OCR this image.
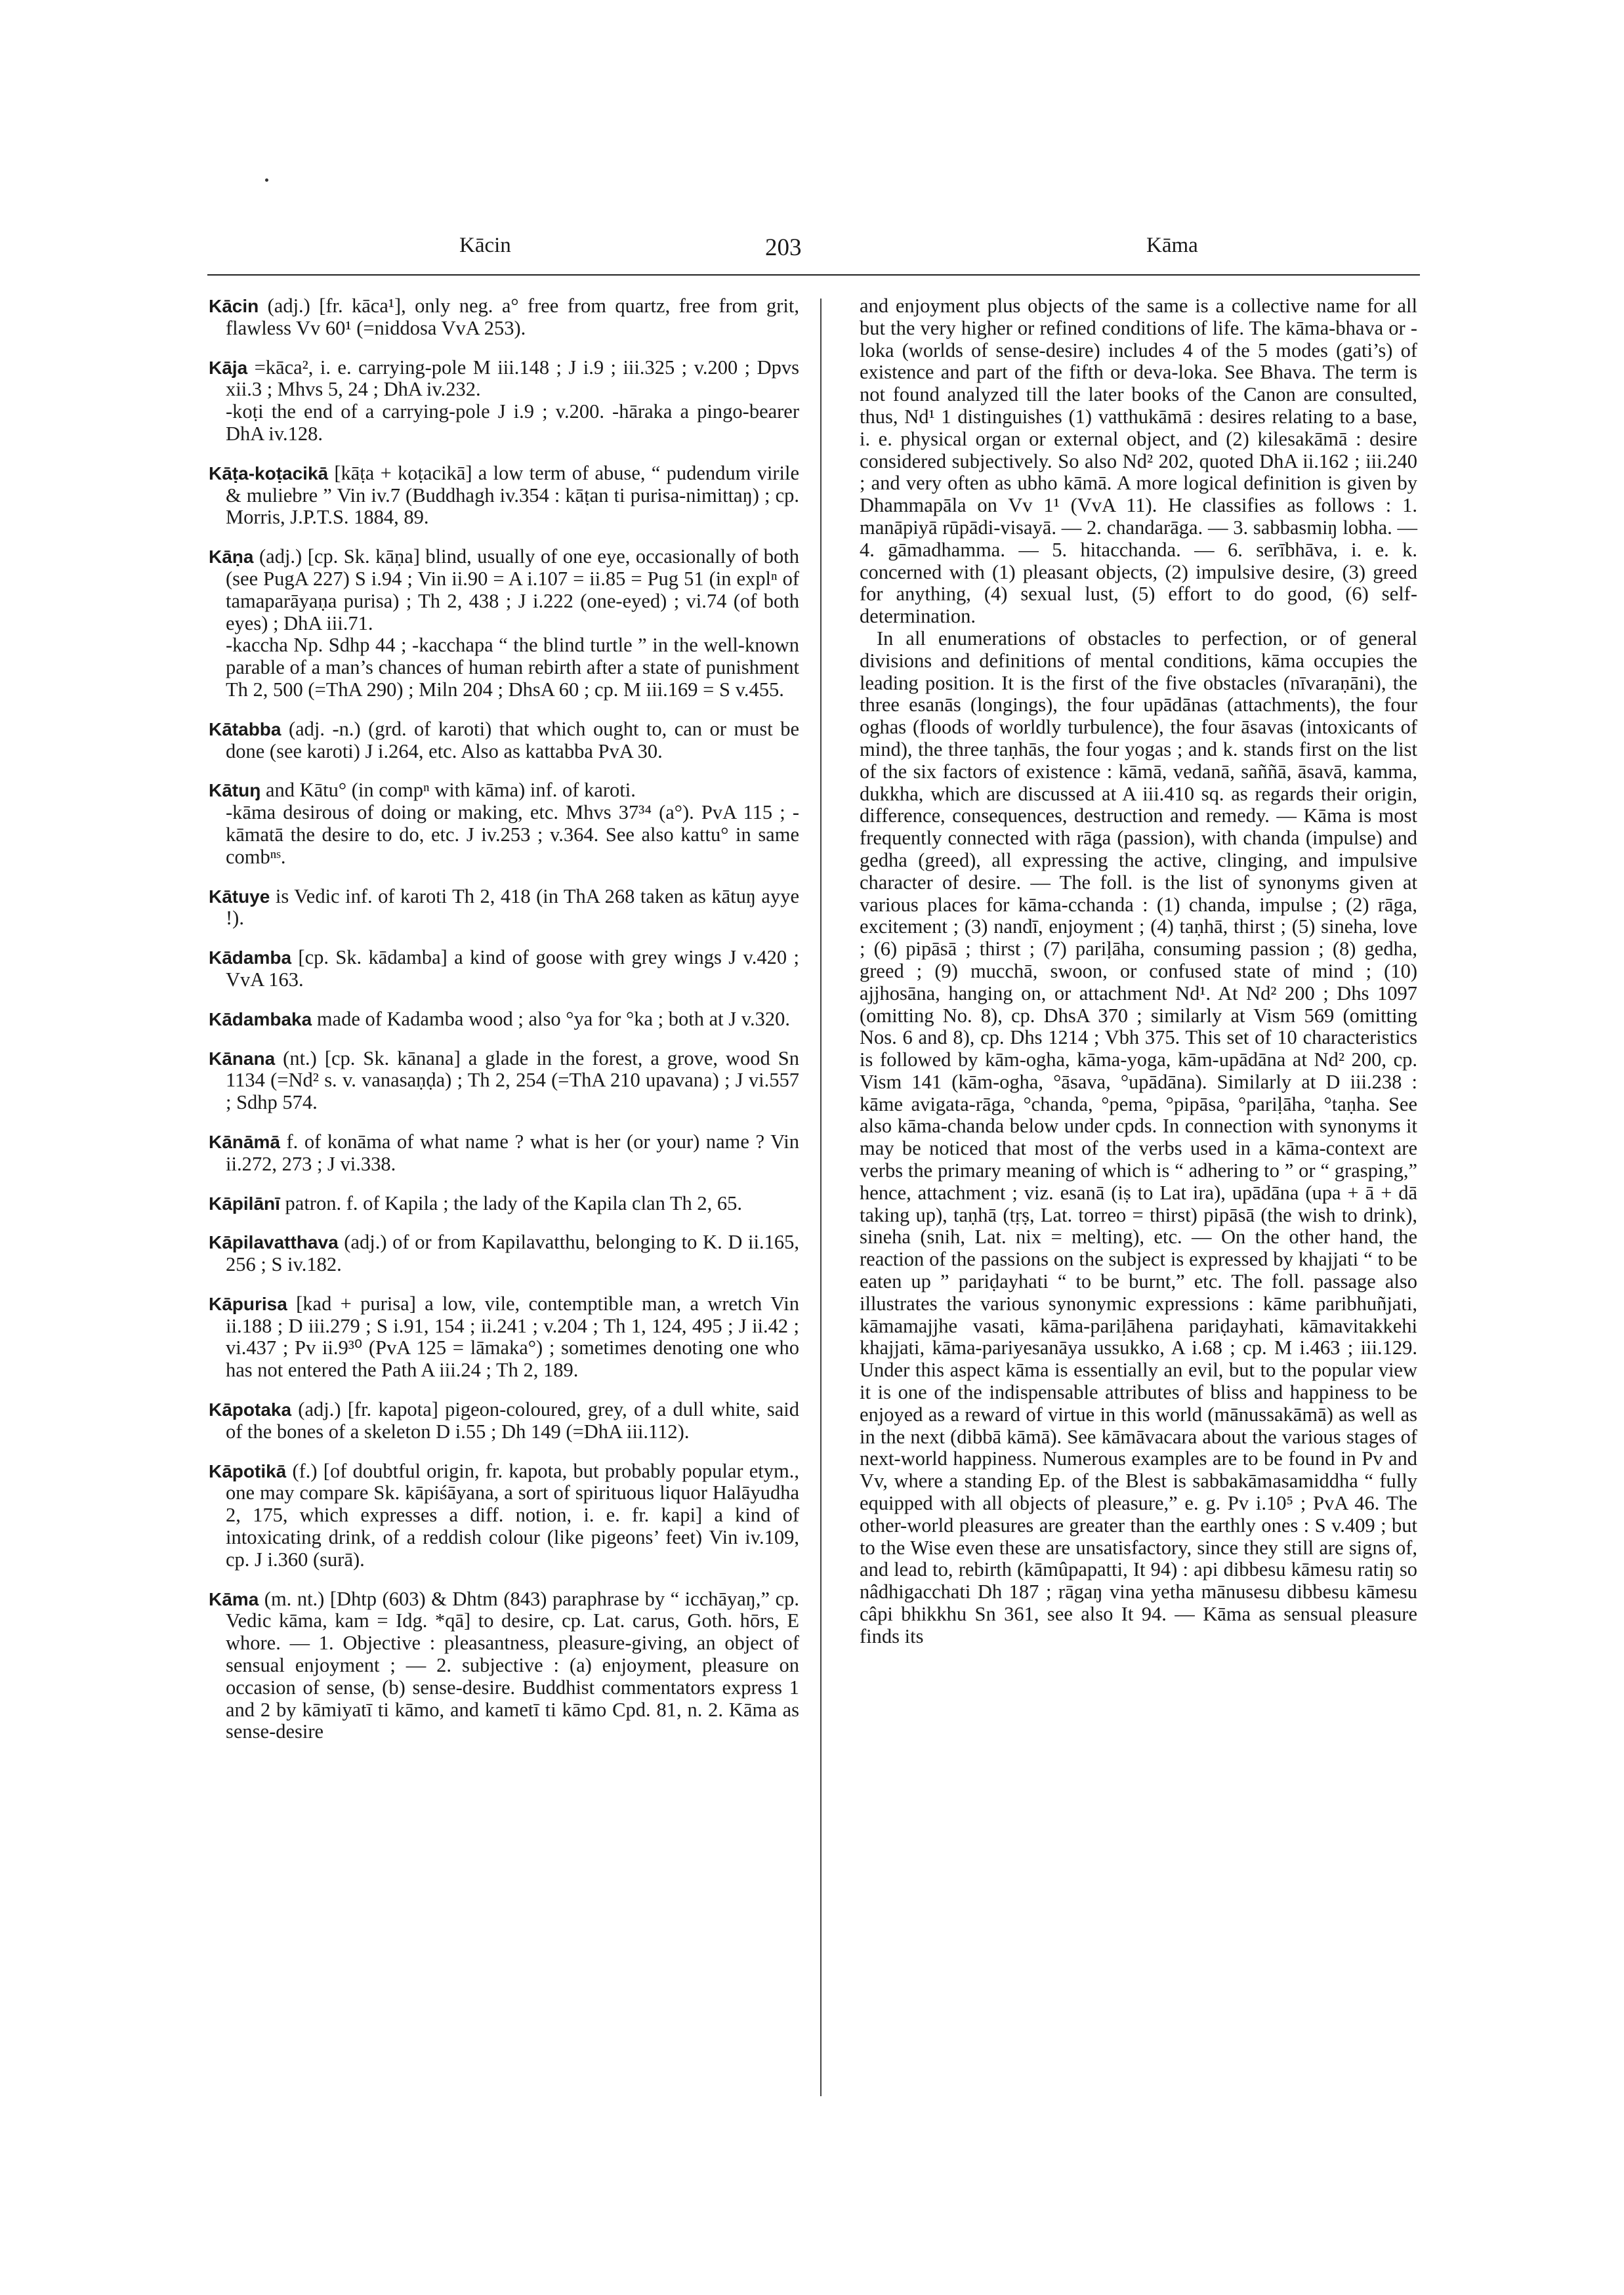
Kācin	203	Kāma

Kācin (adj.) [fr. kāca¹], only neg. a° free from quartz, free from grit, flawless Vv 60¹ (=niddosa VvA 253).

Kāja =kāca², i. e. carrying-pole M iii.148 ; J i.9 ; iii.325 ; v.200 ; Dpvs xii.3 ; Mhvs 5, 24 ; DhA iv.232.
-koṭi the end of a carrying-pole J i.9 ; v.200. -hāraka a pingo-bearer DhA iv.128.

Kāṭa-koṭacikā [kāṭa + koṭacikā] a low term of abuse, “ pudendum virile & muliebre ” Vin iv.7 (Buddhagh iv.354 : kāṭan ti purisa-nimittaŋ) ; cp. Morris, J.P.T.S. 1884, 89.

Kāṇa (adj.) [cp. Sk. kāṇa] blind, usually of one eye, occasionally of both (see PugA 227) S i.94 ; Vin ii.90 = A i.107 = ii.85 = Pug 51 (in explⁿ of tamaparāyaṇa purisa) ; Th 2, 438 ; J i.222 (one-eyed) ; vi.74 (of both eyes) ; DhA iii.71.
-kaccha Np. Sdhp 44 ; -kacchapa “ the blind turtle ” in the well-known parable of a man’s chances of human rebirth after a state of punishment Th 2, 500 (=ThA 290) ; Miln 204 ; DhsA 60 ; cp. M iii.169 = S v.455.

Kātabba (adj. -n.) (grd. of karoti) that which ought to, can or must be done (see karoti) J i.264, etc. Also as kattabba PvA 30.

Kātuŋ and Kātu° (in compⁿ with kāma) inf. of karoti.
-kāma desirous of doing or making, etc. Mhvs 37³⁴ (a°). PvA 115 ; -kāmatā the desire to do, etc. J iv.253 ; v.364. See also kattu° in same combⁿˢ.

Kātuye is Vedic inf. of karoti Th 2, 418 (in ThA 268 taken as kātuŋ ayye !).

Kādamba [cp. Sk. kādamba] a kind of goose with grey wings J v.420 ; VvA 163.

Kādambaka made of Kadamba wood ; also °ya for °ka ; both at J v.320.

Kānana (nt.) [cp. Sk. kānana] a glade in the forest, a grove, wood Sn 1134 (=Nd² s. v. vanasaṇḍa) ; Th 2, 254 (=ThA 210 upavana) ; J vi.557 ; Sdhp 574.

Kānāmā f. of konāma of what name ? what is her (or your) name ? Vin ii.272, 273 ; J vi.338.

Kāpilānī patron. f. of Kapila ; the lady of the Kapila clan Th 2, 65.

Kāpilavatthava (adj.) of or from Kapilavatthu, belonging to K. D ii.165, 256 ; S iv.182.

Kāpurisa [kad + purisa] a low, vile, contemptible man, a wretch Vin ii.188 ; D iii.279 ; S i.91, 154 ; ii.241 ; v.204 ; Th 1, 124, 495 ; J ii.42 ; vi.437 ; Pv ii.9³⁰ (PvA 125 = lāmaka°) ; sometimes denoting one who has not entered the Path A iii.24 ; Th 2, 189.

Kāpotaka (adj.) [fr. kapota] pigeon-coloured, grey, of a dull white, said of the bones of a skeleton D i.55 ; Dh 149 (=DhA iii.112).

Kāpotikā (f.) [of doubtful origin, fr. kapota, but probably popular etym., one may compare Sk. kāpiśāyana, a sort of spirituous liquor Halāyudha 2, 175, which expresses a diff. notion, i. e. fr. kapi] a kind of intoxicating drink, of a reddish colour (like pigeons’ feet) Vin iv.109, cp. J i.360 (surā).

Kāma (m. nt.) [Dhtp (603) & Dhtm (843) paraphrase by “ icchāyaŋ,” cp. Vedic kāma, kam = Idg. *qā] to desire, cp. Lat. carus, Goth. hōrs, E whore. — 1. Objective : pleasantness, pleasure-giving, an object of sensual enjoyment ; — 2. subjective : (a) enjoyment, pleasure on occasion of sense, (b) sense-desire. Buddhist commentators express 1 and 2 by kāmiyatī ti kāmo, and kametī ti kāmo Cpd. 81, n. 2. Kāma as sense-desire

and enjoyment plus objects of the same is a collective name for all but the very higher or refined conditions of life. The kāma-bhava or -loka (worlds of sense-desire) includes 4 of the 5 modes (gati’s) of existence and part of the fifth or deva-loka. See Bhava. The term is not found analyzed till the later books of the Canon are consulted, thus, Nd¹ 1 distinguishes (1) vatthukāmā : desires relating to a base, i. e. physical organ or external object, and (2) kilesakāmā : desire considered subjectively. So also Nd² 202, quoted DhA ii.162 ; iii.240 ; and very often as ubho kāmā. A more logical definition is given by Dhammapāla on Vv 1¹ (VvA 11). He classifies as follows : 1. manāpiyā rūpādi-visayā. — 2. chandarāga. — 3. sabbasmiŋ lobha. — 4. gāmadhamma. — 5. hitacchanda. — 6. serībhāva, i. e. k. concerned with (1) pleasant objects, (2) impulsive desire, (3) greed for anything, (4) sexual lust, (5) effort to do good, (6) self-determination.

In all enumerations of obstacles to perfection, or of general divisions and definitions of mental conditions, kāma occupies the leading position. It is the first of the five obstacles (nīvaraṇāni), the three esanās (longings), the four upādānas (attachments), the four oghas (floods of worldly turbulence), the four āsavas (intoxicants of mind), the three taṇhās, the four yogas ; and k. stands first on the list of the six factors of existence : kāmā, vedanā, saññā, āsavā, kamma, dukkha, which are discussed at A iii.410 sq. as regards their origin, difference, consequences, destruction and remedy. — Kāma is most frequently connected with rāga (passion), with chanda (impulse) and gedha (greed), all expressing the active, clinging, and impulsive character of desire. — The foll. is the list of synonyms given at various places for kāma-cchanda : (1) chanda, impulse ; (2) rāga, excitement ; (3) nandī, enjoyment ; (4) taṇhā, thirst ; (5) sineha, love ; (6) pipāsā ; thirst ; (7) pariḷāha, consuming passion ; (8) gedha, greed ; (9) mucchā, swoon, or confused state of mind ; (10) ajjhosāna, hanging on, or attachment Nd¹. At Nd² 200 ; Dhs 1097 (omitting No. 8), cp. DhsA 370 ; similarly at Vism 569 (omitting Nos. 6 and 8), cp. Dhs 1214 ; Vbh 375. This set of 10 characteristics is followed by kām-ogha, kāma-yoga, kām-upādāna at Nd² 200, cp. Vism 141 (kām-ogha, °āsava, °upādāna). Similarly at D iii.238 : kāme avigata-rāga, °chanda, °pema, °pipāsa, °pariḷāha, °taṇha. See also kāma-chanda below under cpds. In connection with synonyms it may be noticed that most of the verbs used in a kāma-context are verbs the primary meaning of which is “ adhering to ” or “ grasping,” hence, attachment ; viz. esanā (iṣ to Lat ira), upādāna (upa + ā + dā taking up), taṇhā (tṛṣ, Lat. torreo = thirst) pipāsā (the wish to drink), sineha (snih, Lat. nix = melting), etc. — On the other hand, the reaction of the passions on the subject is expressed by khajjati “ to be eaten up ” pariḍayhati “ to be burnt,” etc. The foll. passage also illustrates the various synonymic expressions : kāme paribhuñjati, kāmamajjhe vasati, kāma-pariḷāhena pariḍayhati, kāmavitakkehi khajjati, kāma-pariyesanāya ussukko, A i.68 ; cp. M i.463 ; iii.129. Under this aspect kāma is essentially an evil, but to the popular view it is one of the indispensable attributes of bliss and happiness to be enjoyed as a reward of virtue in this world (mānussakāmā) as well as in the next (dibbā kāmā). See kāmāvacara about the various stages of next-world happiness. Numerous examples are to be found in Pv and Vv, where a standing Ep. of the Blest is sabbakāmasamiddha “ fully equipped with all objects of pleasure,” e. g. Pv i.10⁵ ; PvA 46. The other-world pleasures are greater than the earthly ones : S v.409 ; but to the Wise even these are unsatisfactory, since they still are signs of, and lead to, rebirth (kāmûpapatti, It 94) : api dibbesu kāmesu ratiŋ so nâdhigacchati Dh 187 ; rāgaŋ vina yetha mānusesu dibbesu kāmesu câpi bhikkhu Sn 361, see also It 94. — Kāma as sensual pleasure finds its
